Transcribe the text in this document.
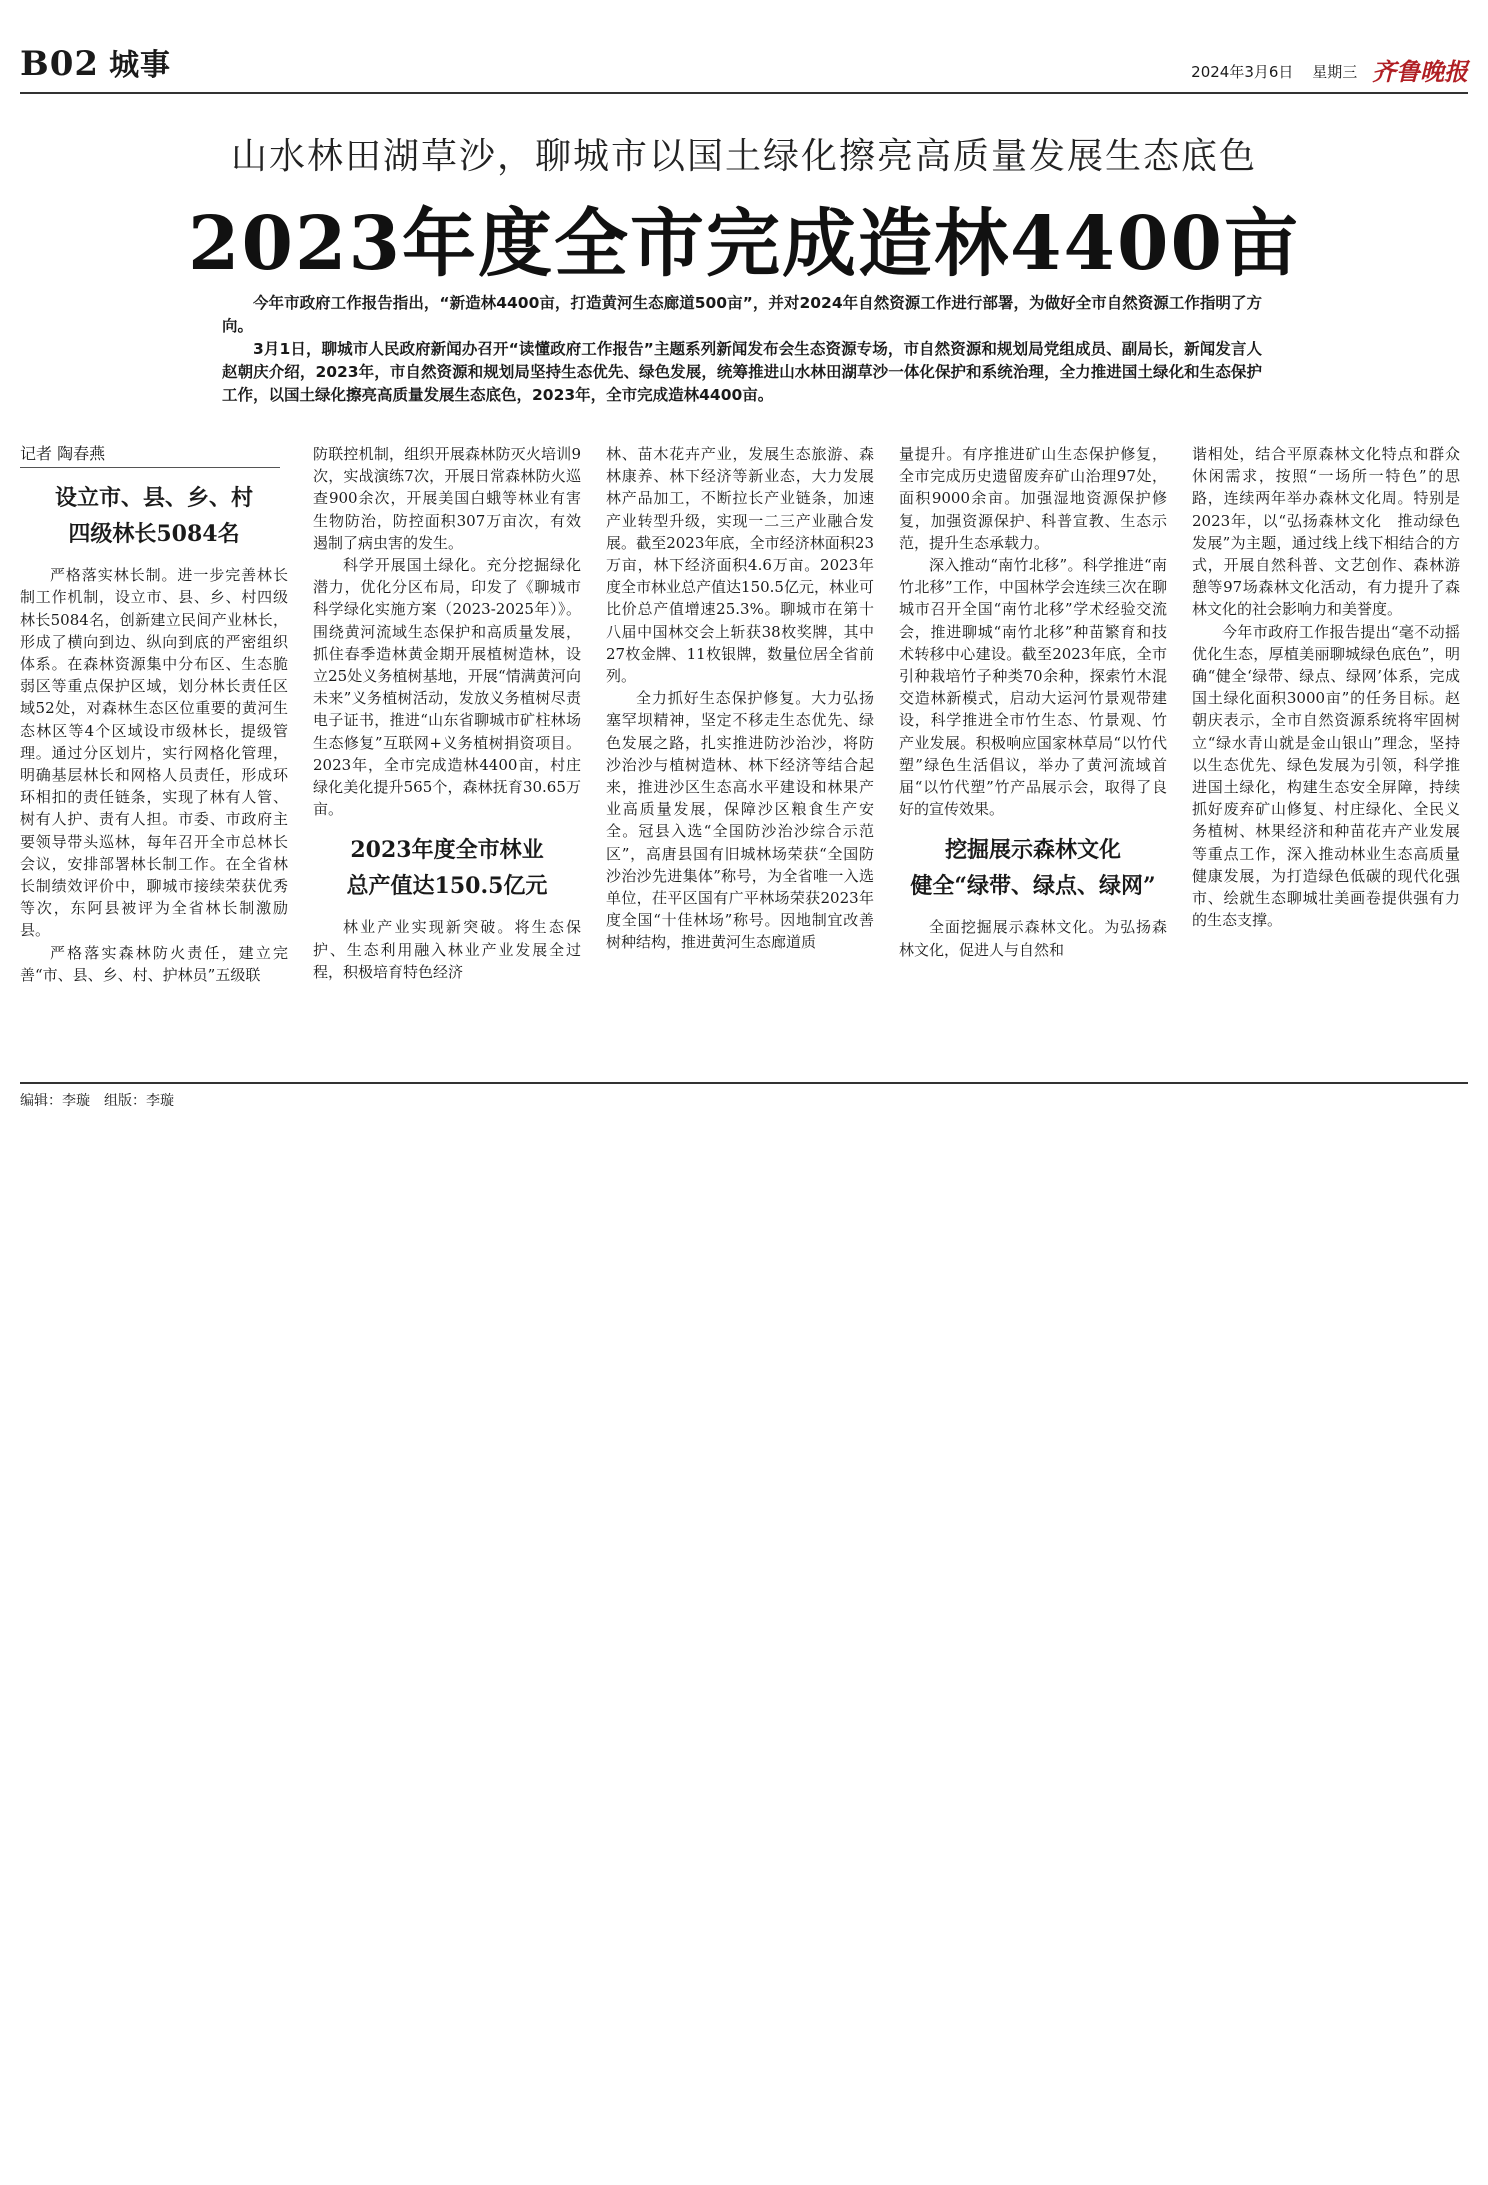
B02 城事	2024年3月6日 星期三 齐鲁晚报
山水林田湖草沙，聊城市以国土绿化擦亮高质量发展生态底色
2023年度全市完成造林4400亩

今年市政府工作报告指出，“新造林4400亩，打造黄河生态廊道500亩”，并对2024年自然资源工作进行部署，为做好全市自然资源工作指明了方向。

3月1日，聊城市人民政府新闻办召开“读懂政府工作报告”主题系列新闻发布会生态资源专场，市自然资源和规划局党组成员、副局长，新闻发言人赵朝庆介绍，2023年，市自然资源和规划局坚持生态优先、绿色发展，统筹推进山水林田湖草沙一体化保护和系统治理，全力推进国土绿化和生态保护工作，以国土绿化擦亮高质量发展生态底色，2023年，全市完成造林4400亩。

记者 陶春燕
设立市、县、乡、村
四级林长5084名

严格落实林长制。进一步完善林长制工作机制，设立市、县、乡、村四级林长5084名，创新建立民间产业林长，形成了横向到边、纵向到底的严密组织体系。在森林资源集中分布区、生态脆弱区等重点保护区域，划分林长责任区域52处，对森林生态区位重要的黄河生态林区等4个区域设市级林长，提级管理。通过分区划片，实行网格化管理，明确基层林长和网格人员责任，形成环环相扣的责任链条，实现了林有人管、树有人护、责有人担。市委、市政府主要领导带头巡林，每年召开全市总林长会议，安排部署林长制工作。在全省林长制绩效评价中，聊城市接续荣获优秀等次，东阿县被评为全省林长制激励县。

严格落实森林防火责任，建立完善“市、县、乡、村、护林员”五级联

防联控机制，组织开展森林防灭火培训9次，实战演练7次，开展日常森林防火巡查900余次，开展美国白蛾等林业有害生物防治，防控面积307万亩次，有效遏制了病虫害的发生。

科学开展国土绿化。充分挖掘绿化潜力，优化分区布局，印发了《聊城市科学绿化实施方案（2023-2025年）》。围绕黄河流域生态保护和高质量发展，抓住春季造林黄金期开展植树造林，设立25处义务植树基地，开展“情满黄河向未来”义务植树活动，发放义务植树尽责电子证书，推进“山东省聊城市矿柱林场生态修复”互联网+义务植树捐资项目。2023年，全市完成造林4400亩，村庄绿化美化提升565个，森林抚育30.65万亩。

2023年度全市林业
总产值达150.5亿元

林业产业实现新突破。将生态保护、生态利用融入林业产业发展全过程，积极培育特色经济

林、苗木花卉产业，发展生态旅游、森林康养、林下经济等新业态，大力发展林产品加工，不断拉长产业链条，加速产业转型升级，实现一二三产业融合发展。截至2023年底，全市经济林面积23万亩，林下经济面积4.6万亩。2023年度全市林业总产值达150.5亿元，林业可比价总产值增速25.3%。聊城市在第十八届中国林交会上斩获38枚奖牌，其中27枚金牌、11枚银牌，数量位居全省前列。

全力抓好生态保护修复。大力弘扬塞罕坝精神，坚定不移走生态优先、绿色发展之路，扎实推进防沙治沙，将防沙治沙与植树造林、林下经济等结合起来，推进沙区生态高水平建设和林果产业高质量发展，保障沙区粮食生产安全。冠县入选“全国防沙治沙综合示范区”，高唐县国有旧城林场荣获“全国防沙治沙先进集体”称号，为全省唯一入选单位，茌平区国有广平林场荣获2023年度全国“十佳林场”称号。因地制宜改善树种结构，推进黄河生态廊道质

量提升。有序推进矿山生态保护修复，全市完成历史遗留废弃矿山治理97处，面积9000余亩。加强湿地资源保护修复，加强资源保护、科普宣教、生态示范，提升生态承载力。

深入推动“南竹北移”。科学推进“南竹北移”工作，中国林学会连续三次在聊城市召开全国“南竹北移”学术经验交流会，推进聊城“南竹北移”种苗繁育和技术转移中心建设。截至2023年底，全市引种栽培竹子种类70余种，探索竹木混交造林新模式，启动大运河竹景观带建设，科学推进全市竹生态、竹景观、竹产业发展。积极响应国家林草局“以竹代塑”绿色生活倡议，举办了黄河流域首届“以竹代塑”竹产品展示会，取得了良好的宣传效果。

挖掘展示森林文化
健全“绿带、绿点、绿网”

全面挖掘展示森林文化。为弘扬森林文化，促进人与自然和

谐相处，结合平原森林文化特点和群众休闲需求，按照“一场所一特色”的思路，连续两年举办森林文化周。特别是2023年，以“弘扬森林文化　推动绿色发展”为主题，通过线上线下相结合的方式，开展自然科普、文艺创作、森林游憩等97场森林文化活动，有力提升了森林文化的社会影响力和美誉度。

今年市政府工作报告提出“毫不动摇优化生态，厚植美丽聊城绿色底色”，明确“健全‘绿带、绿点、绿网’体系，完成国土绿化面积3000亩”的任务目标。赵朝庆表示，全市自然资源系统将牢固树立“绿水青山就是金山银山”理念，坚持以生态优先、绿色发展为引领，科学推进国土绿化，构建生态安全屏障，持续抓好废弃矿山修复、村庄绿化、全民义务植树、林果经济和种苗花卉产业发展等重点工作，深入推动林业生态高质量健康发展，为打造绿色低碳的现代化强市、绘就生态聊城壮美画卷提供强有力的生态支撑。

编辑：李璇　组版：李璇
